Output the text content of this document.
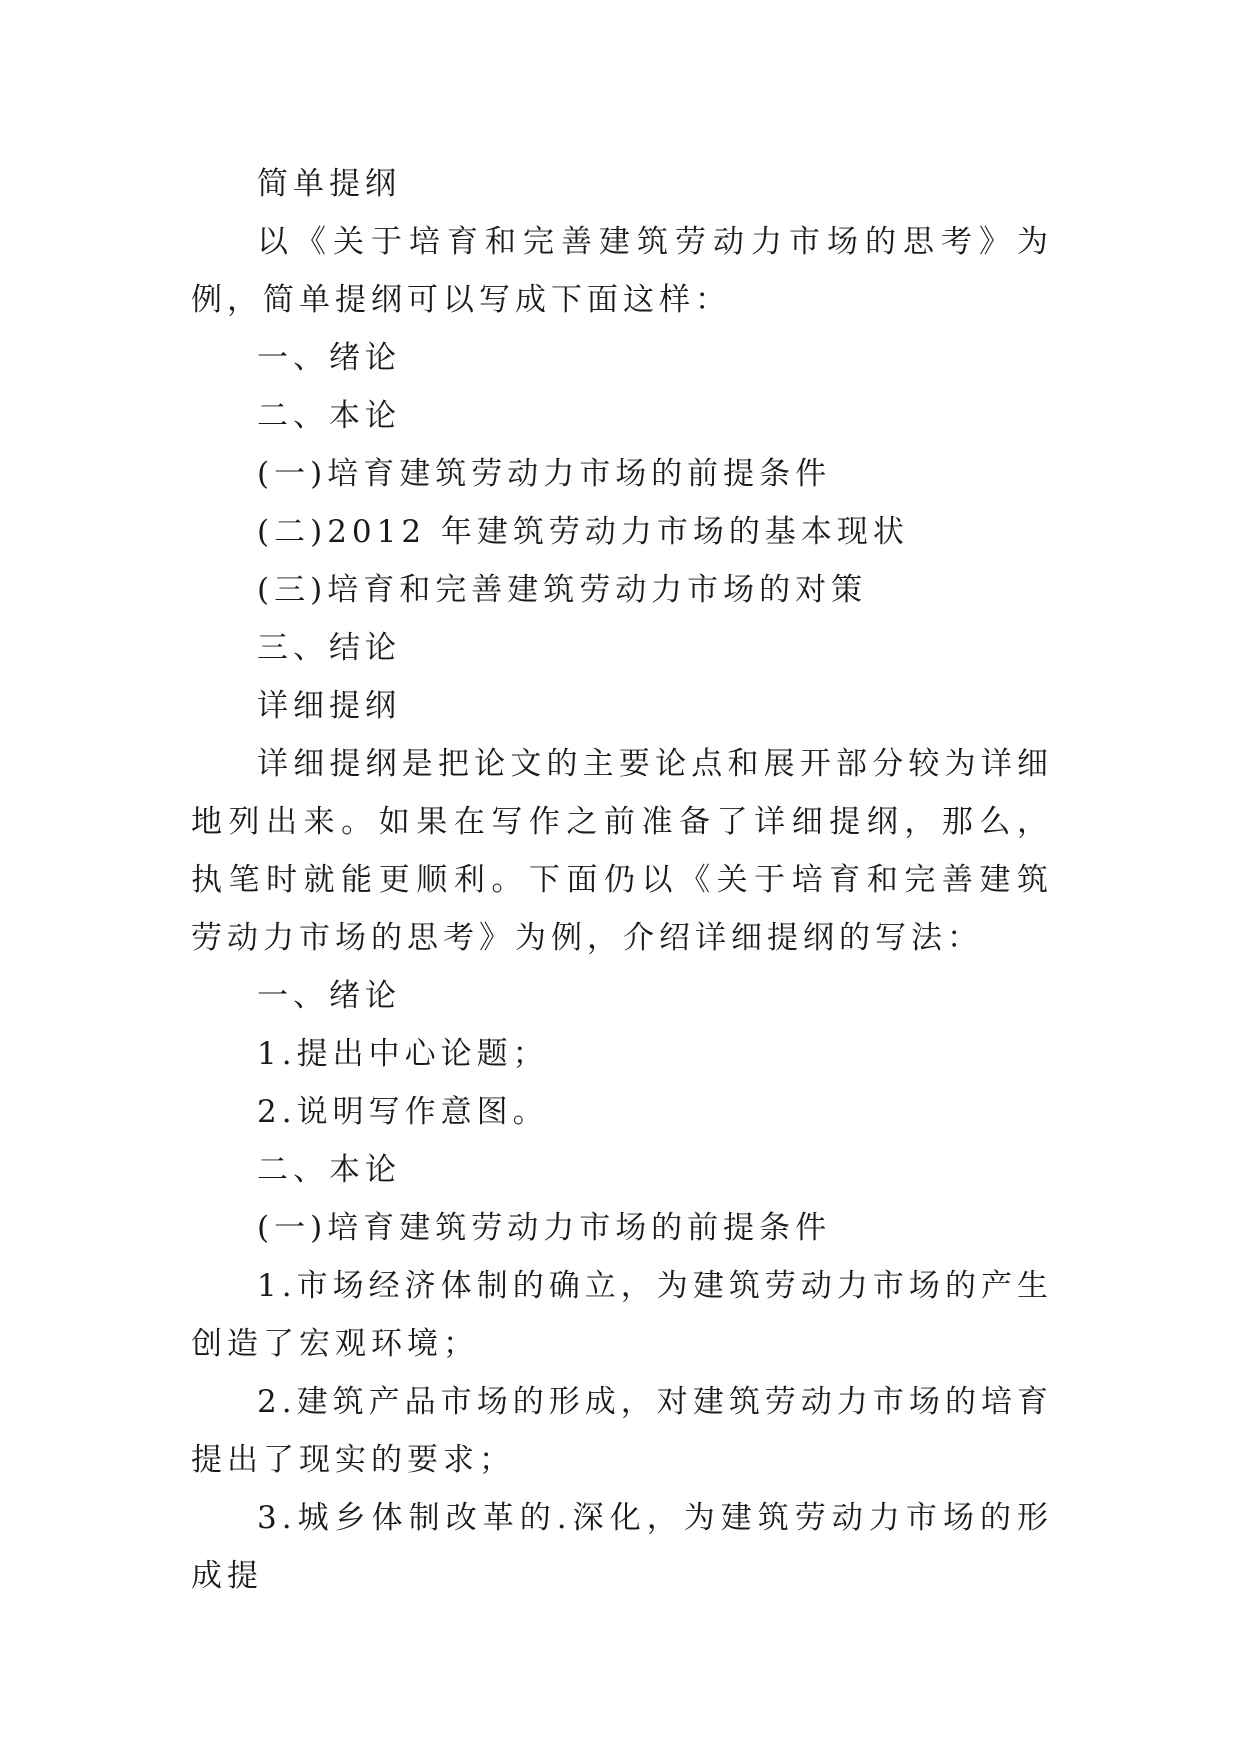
简单提纲

以《关于培育和完善建筑劳动力市场的思考》为例，简单提纲可以写成下面这样：

一、绪论

二、本论

(一)培育建筑劳动力市场的前提条件

(二)2012 年建筑劳动力市场的基本现状

(三)培育和完善建筑劳动力市场的对策

三、结论

详细提纲

详细提纲是把论文的主要论点和展开部分较为详细地列出来。如果在写作之前准备了详细提纲，那么，执笔时就能更顺利。下面仍以《关于培育和完善建筑劳动力市场的思考》为例，介绍详细提纲的写法：

一、绪论

1.提出中心论题；

2.说明写作意图。

二、本论

(一)培育建筑劳动力市场的前提条件

1.市场经济体制的确立，为建筑劳动力市场的产生创造了宏观环境；

2.建筑产品市场的形成，对建筑劳动力市场的培育提出了现实的要求；

3.城乡体制改革的.深化，为建筑劳动力市场的形成提
